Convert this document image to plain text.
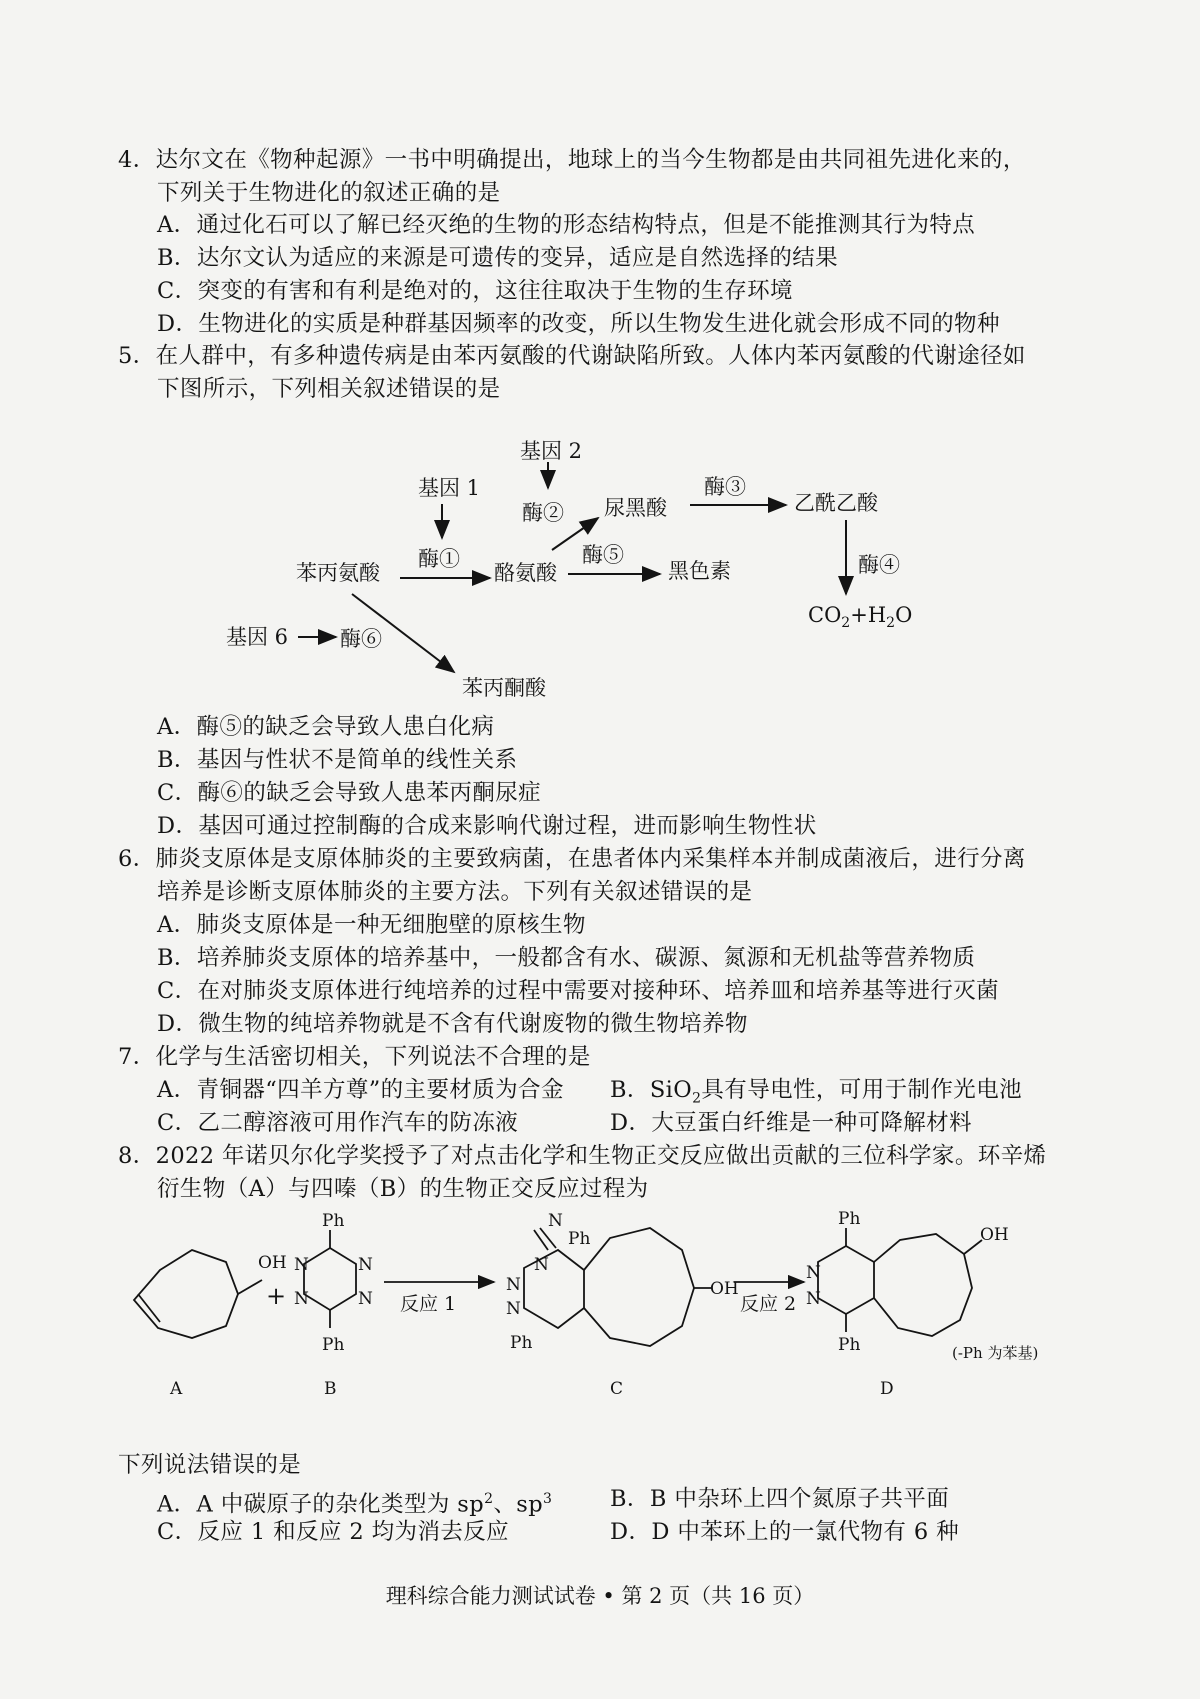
4．达尔文在《物种起源》一书中明确提出，地球上的当今生物都是由共同祖先进化来的，
下列关于生物进化的叙述正确的是
A．通过化石可以了解已经灭绝的生物的形态结构特点，但是不能推测其行为特点
B．达尔文认为适应的来源是可遗传的变异，适应是自然选择的结果
C．突变的有害和有利是绝对的，这往往取决于生物的生存环境
D．生物进化的实质是种群基因频率的改变，所以生物发生进化就会形成不同的物种
5．在人群中，有多种遗传病是由苯丙氨酸的代谢缺陷所致。人体内苯丙氨酸的代谢途径如
下图所示，下列相关叙述错误的是
基因 2
基因 1
酶②
酶③
尿黑酸	乙酰乙酸
酶①	酶⑤
苯丙氨酸	酪氨酸	黑色素	酶④
$CO_2+H_2O$
基因 6 酶⑥
苯丙酮酸
A．酶⑤的缺乏会导致人患白化病
B．基因与性状不是简单的线性关系
C．酶⑥的缺乏会导致人患苯丙酮尿症
D．基因可通过控制酶的合成来影响代谢过程，进而影响生物性状
6．肺炎支原体是支原体肺炎的主要致病菌，在患者体内采集样本并制成菌液后，进行分离
培养是诊断支原体肺炎的主要方法。下列有关叙述错误的是
A．肺炎支原体是一种无细胞壁的原核生物
B．培养肺炎支原体的培养基中，一般都含有水、碳源、氮源和无机盐等营养物质
C．在对肺炎支原体进行纯培养的过程中需要对接种环、培养皿和培养基等进行灭菌
D．微生物的纯培养物就是不含有代谢废物的微生物培养物
7．化学与生活密切相关，下列说法不合理的是
A．青铜器“四羊方尊”的主要材质为合金 B．SiO$_2$具有导电性，可用于制作光电池
C．乙二醇溶液可用作汽车的防冻液	D．大豆蛋白纤维是一种可降解材料
8．2022 年诺贝尔化学奖授予了对点击化学和生物正交反应做出贡献的三位科学家。环辛烯
衍生物（A）与四嗪（B）的生物正交反应过程为
OH
Ph
Ph
N
N
N
N
+	反应 1
N
Ph
N
N
N
Ph
OH
反应 2
Ph
Ph
N
N
OH
(-Ph 为苯基)
A	B	C	D
下列说法错误的是
A．A 中碳原子的杂化类型为 $sp^2$、$sp^3$	B．B 中杂环上四个氮原子共平面
C．反应 1 和反应 2 均为消去反应	D．D 中苯环上的一氯代物有 6 种
理科综合能力测试试卷 • 第 2 页（共 16 页）
